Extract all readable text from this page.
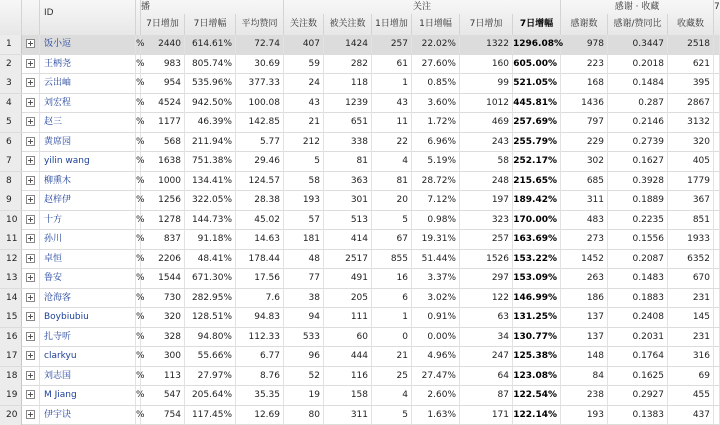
ID
播	关注	感谢 · 收藏	7
7日增加	7日增幅	平均赞同	关注数	被关注数	1日增加	1日增幅	7日增加	7日增幅	感谢数	感谢/赞同比	收藏数
1	饭小逗	%	2440	614.61%	72.74	407	1424	257	22.02%	1322 1296.08%	978	0.3447	2518
2	王柄尧	%	983	805.74%	30.69	59	282	61	27.60%	160 605.00%	223	0.2018	621
3	云出岫	%	954	535.96%	377.33	24	118	1	0.85%	99 521.05%	168	0.1484	395
4	刘宏程	%	4524	942.50%	100.08	43	1239	43	3.60%	1012 445.81%	1436	0.287	2867
5	赵三	%	1177	46.39%	142.85	21	651	11	1.72%	469 257.69%	797	0.2146	3132
6	黄席园	%	568	211.94%	5.77	212	338	22	6.96%	243 255.79%	229	0.2739	320
7	yilin wang	%	1638	751.38%	29.46	5	81	4	5.19%	58 252.17%	302	0.1627	405
8	柳熏木	%	1000	134.41%	124.57	58	363	81	28.72%	248 215.65%	685	0.3928	1779
9	赵梓伊	%	1256	322.05%	28.38	193	301	20	7.12%	197 189.42%	311	0.1889	367
10	十方	%	1278	144.73%	45.02	57	513	5	0.98%	323 170.00%	483	0.2235	851
11	孙川	%	837	91.18%	14.63	181	414	67	19.31%	257 163.69%	273	0.1556	1933
12	卓恒	%	2206	48.41%	178.44	48	2517	855	51.44%	1526 153.22%	1452	0.2087	6352
13	鲁安	%	1544	671.30%	17.56	77	491	16	3.37%	297 153.09%	263	0.1483	670
14	沧海客	%	730	282.95%	7.6	38	205	6	3.02%	122 146.99%	186	0.1883	231
15	Boybiubiu	%	320	128.51%	94.83	94	111	1	0.91%	63 131.25%	137	0.2408	145
16	扎寺听	%	328	94.80%	112.33	533	60	0	0.00%	34 130.77%	137	0.2031	231
17	clarkyu	%	300	55.66%	6.77	96	444	21	4.96%	247 125.38%	148	0.1764	316
18	刘志国	%	113	27.97%	8.76	52	116	25	27.47%	64 123.08%	84	0.1625	69
19	M Jiang	%	547	205.64%	35.35	19	158	4	2.60%	87 122.54%	238	0.2927	455
20	伊宇诀	%	754	117.45%	12.69	80	311	5	1.63%	171 122.14%	193	0.1383	437
